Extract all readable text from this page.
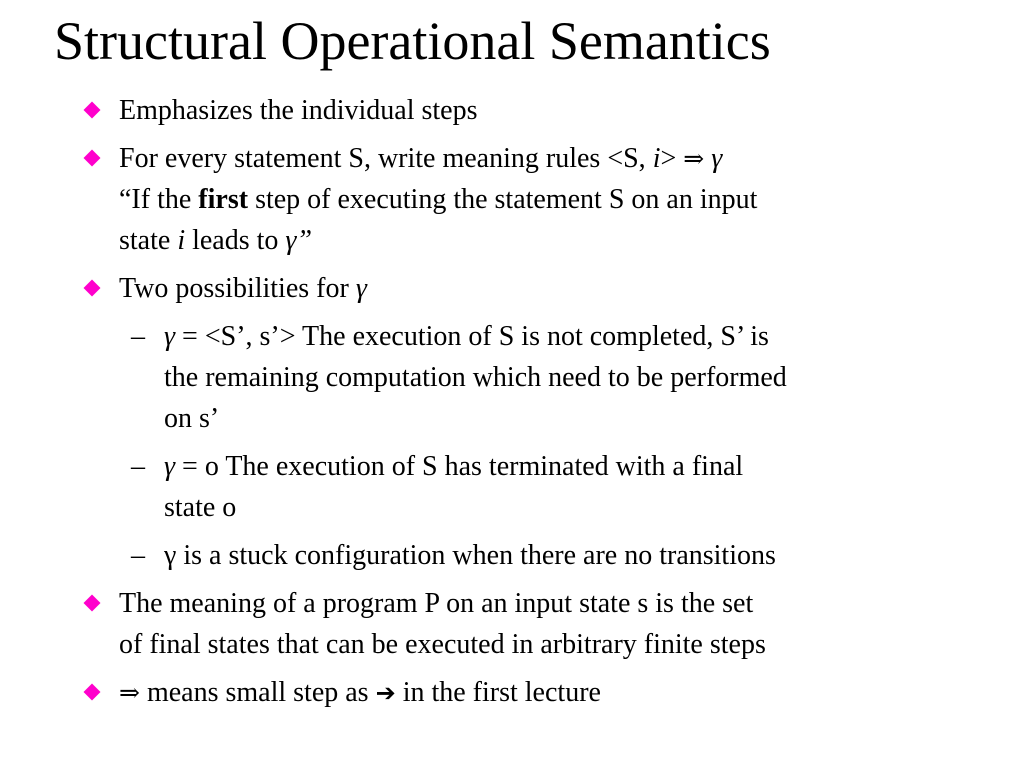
Structural Operational Semantics
Emphasizes the individual steps
For every statement S, write meaning rules <S, i> ⇒ γ
“If the first step of executing the statement S on an input
state i leads to γ”
Two possibilities for γ
– γ = <S’, s’> The execution of S is not completed, S’ is
the remaining computation which need to be performed
on s’
– γ = o The execution of S has terminated with a final
state o
– γ is a stuck configuration when there are no transitions
The meaning of a program P on an input state s is the set
of final states that can be executed in arbitrary finite steps
⇒ means small step as ➔ in the first lecture
